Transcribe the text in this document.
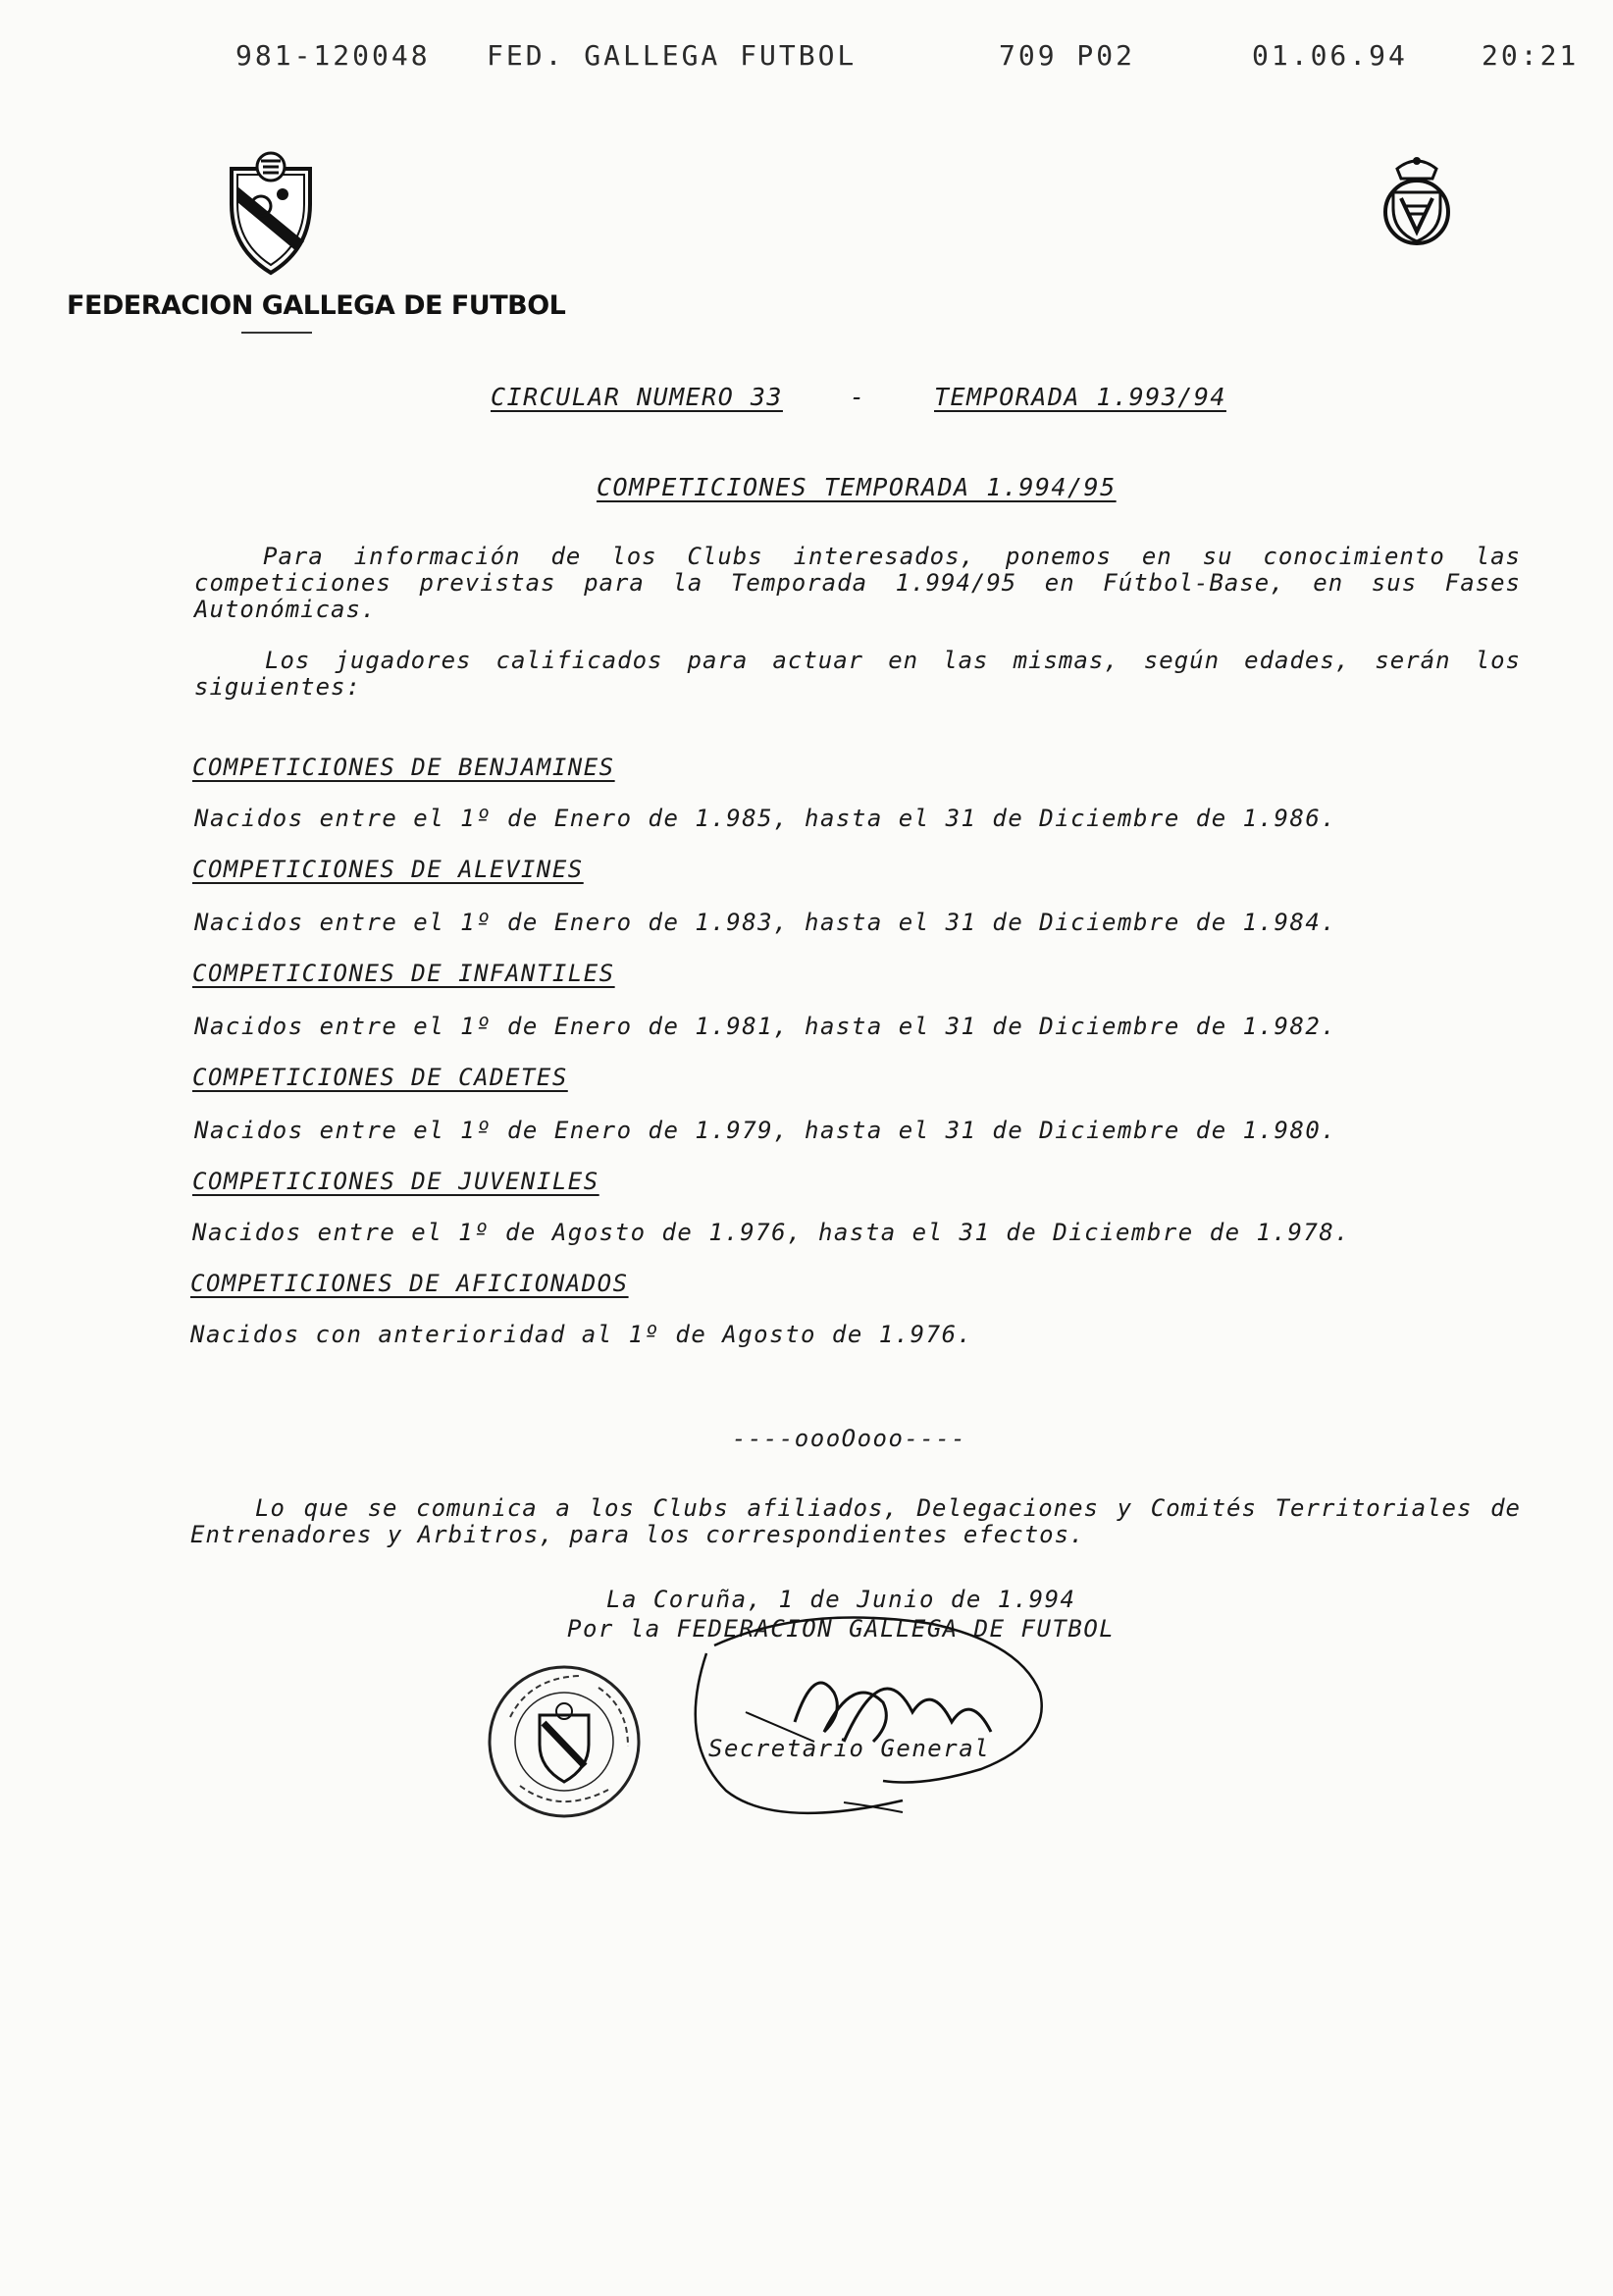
981-120048 FED. GALLEGA FUTBOL	709 P02	01.06.94	20:21
FEDERACION GALLEGA DE FUTBOL
CIRCULAR NUMERO 33	-	TEMPORADA 1.993/94
COMPETICIONES TEMPORADA 1.994/95
Para información de los Clubs interesados, ponemos en su conocimiento las competiciones previstas para la Temporada 1.994/95 en Fútbol-Base, en sus Fases Autonómicas.
Los jugadores calificados para actuar en las mismas, según edades, serán los siguientes:
COMPETICIONES DE BENJAMINES
Nacidos entre el 1º de Enero de 1.985, hasta el 31 de Diciembre de 1.986.
COMPETICIONES DE ALEVINES
Nacidos entre el 1º de Enero de 1.983, hasta el 31 de Diciembre de 1.984.
COMPETICIONES DE INFANTILES
Nacidos entre el 1º de Enero de 1.981, hasta el 31 de Diciembre de 1.982.
COMPETICIONES DE CADETES
Nacidos entre el 1º de Enero de 1.979, hasta el 31 de Diciembre de 1.980.
COMPETICIONES DE JUVENILES
Nacidos entre el 1º de Agosto de 1.976, hasta el 31 de Diciembre de 1.978.
COMPETICIONES DE AFICIONADOS
Nacidos con anterioridad al 1º de Agosto de 1.976.
----oooOooo----
Lo que se comunica a los Clubs afiliados, Delegaciones y Comités Territoriales de Entrenadores y Arbitros, para los correspondientes efectos.
La Coruña, 1 de Junio de 1.994
Por la FEDERACION GALLEGA DE FUTBOL
Secretario General
